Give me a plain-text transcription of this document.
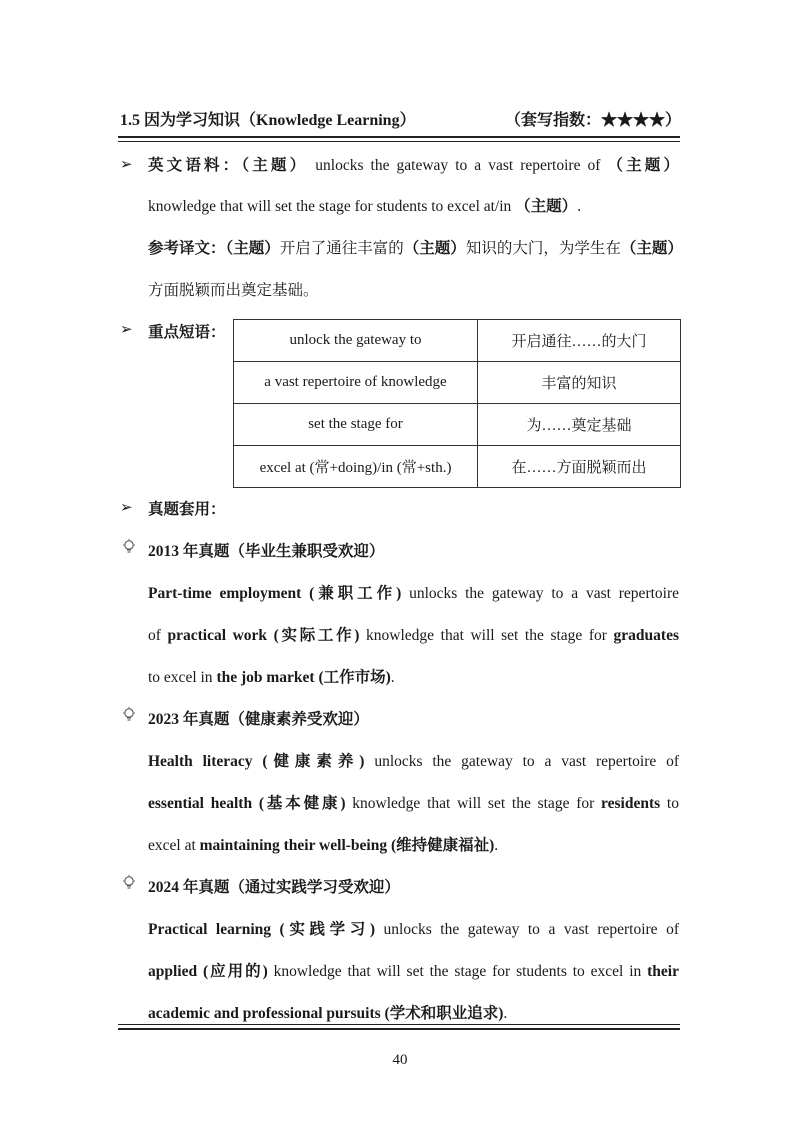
1.5 因为学习知识（Knowledge Learning）	（套写指数：★★★★）
➢ 英文语料：（主题） unlocks the gateway to a vast repertoire of （主题）
knowledge that will set the stage for students to excel at/in （主题）.
参考译文：（主题）开启了通往丰富的（主题）知识的大门，为学生在（主题）
方面脱颖而出奠定基础。
➢ 重点短语：	unlock the gateway to	开启通往……的大门
a vast repertoire of knowledge	丰富的知识
set the stage for	为……奠定基础
excel at (常+doing)/in (常+sth.)	在……方面脱颖而出
➢ 真题套用：
2013 年真题（毕业生兼职受欢迎）
Part-time employment (兼职工作) unlocks the gateway to a vast repertoire
of practical work (实际工作) knowledge that will set the stage for graduates
to excel in the job market (工作市场).
2023 年真题（健康素养受欢迎）
Health literacy (健康素养) unlocks the gateway to a vast repertoire of
essential health (基本健康) knowledge that will set the stage for residents to
excel at maintaining their well-being (维持健康福祉).
2024 年真题（通过实践学习受欢迎）
Practical learning (实践学习) unlocks the gateway to a vast repertoire of
applied (应用的) knowledge that will set the stage for students to excel in their
academic and professional pursuits (学术和职业追求).
40
